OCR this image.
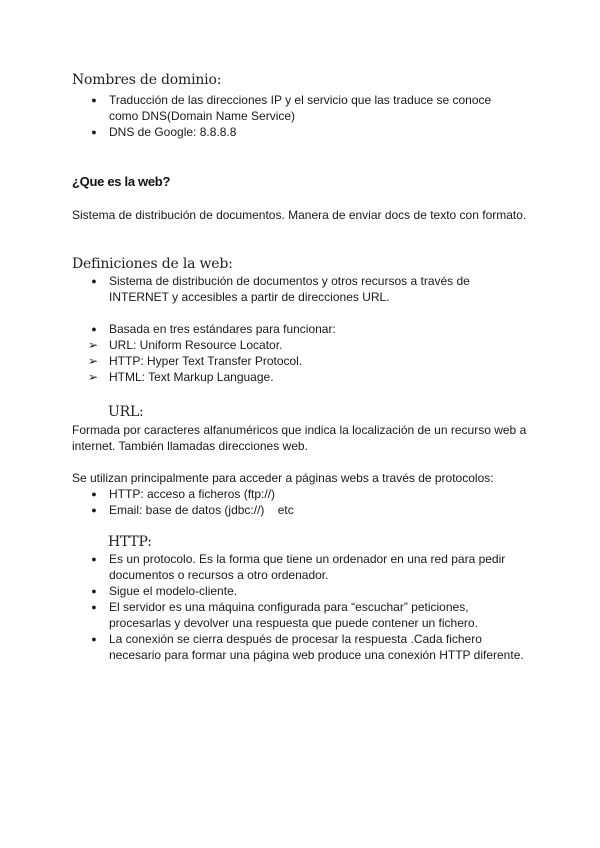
Nombres de dominio:
● Traducción de las direcciones IP y el servicio que las traduce se conoce como DNS(Domain Name Service)
● DNS de Google: 8.8.8.8
¿Que es la web?
Sistema de distribución de documentos. Manera de enviar docs de texto con formato.
Definiciones de la web:
● Sistema de distribución de documentos y otros recursos a través de INTERNET y accesibles a partir de direcciones URL.
● Basada en tres estándares para funcionar:
➢ URL: Uniform Resource Locator.
➢ HTTP: Hyper Text Transfer Protocol.
➢ HTML: Text Markup Language.
URL:
Formada por caracteres alfanuméricos que indica la localización de un recurso web a internet. También llamadas direcciones web.
Se utilizan principalmente para acceder a páginas webs a través de protocolos:
● HTTP: acceso a ficheros (ftp://)
● Email: base de datos (jdbc://)    etc
HTTP:
● Es un protocolo. Es la forma que tiene un ordenador en una red para pedir documentos o recursos a otro ordenador.
● Sigue el modelo-cliente.
● El servidor es una máquina configurada para “escuchar” peticiones, procesarlas y devolver una respuesta que puede contener un fichero.
● La conexión se cierra después de procesar la respuesta .Cada fichero necesario para formar una página web produce una conexión HTTP diferente.
